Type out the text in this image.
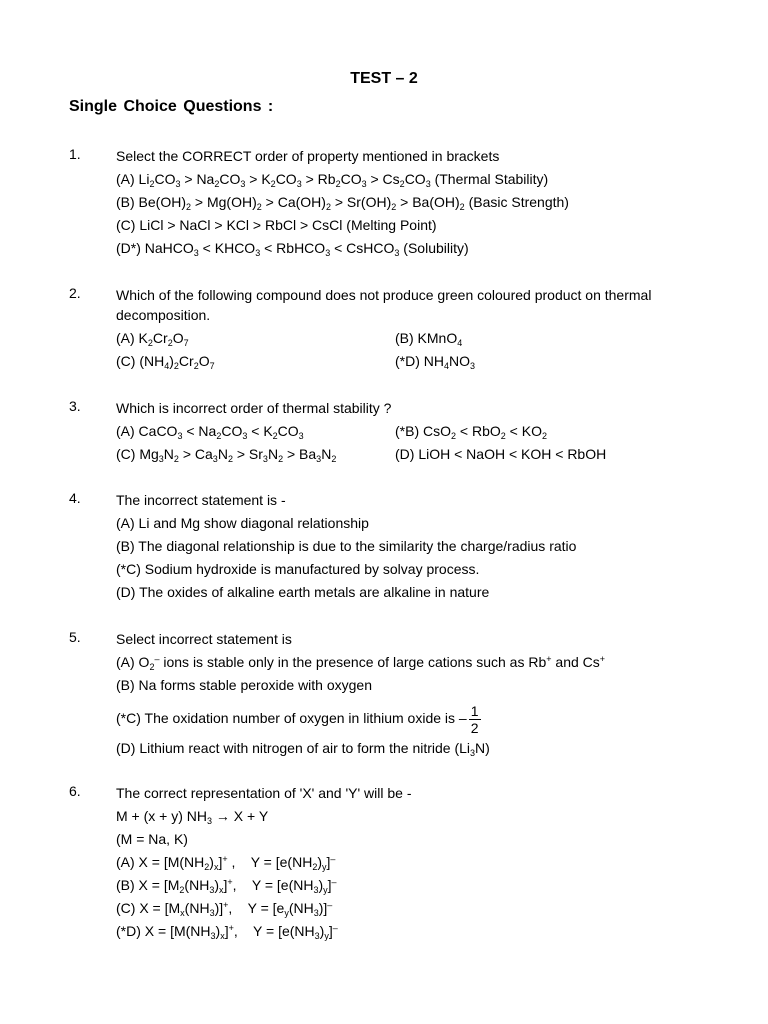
TEST – 2
Single Choice Questions :
1.	Select the CORRECT order of property mentioned in brackets
(A) $Li_2CO_3 > Na_2CO_3 > K_2CO_3 > Rb_2CO_3 > Cs_2CO_3$ (Thermal Stability)
(B) $Be(OH)_2 > Mg(OH)_2 > Ca(OH)_2 > Sr(OH)_2 > Ba(OH)_2$ (Basic Strength)
(C) LiCl > NaCl > KCl > RbCl > CsCl (Melting Point)
(D*) NaHCO$_3$ < $KHCO_3$ < RbHCO$_3$ < CsHCO$_3$ (Solubility)
2.	Which of the following compound does not produce green coloured product on thermal decomposition.
(A) $K_2Cr_2O_7$	(B) KMnO$_4$
(C) $(NH_4)_2Cr_2O_7$	(*D) $NH_4NO_3$
3.	Which is incorrect order of thermal stability ?
(A) CaCO$_3$ < $Na_2CO_3 < K_2CO_3$	(*B) $CsO_2 < RbO_2 < KO_2$
(C) $Mg_3N_2 > Ca_3N_2 > Sr_3N_2 > Ba_3N_2$	(D) LiOH < NaOH < KOH < RbOH
4.	The incorrect statement is -
(A) Li and Mg show diagonal relationship
(B) The diagonal relationship is due to the similarity the charge/radius ratio
(*C) Sodium hydroxide is manufactured by solvay process.
(D) The oxides of alkaline earth metals are alkaline in nature
5.	Select incorrect statement is
(A) $O_2^-$ ions is stable only in the presence of large cations such as Rb+ and Cs+
(B) Na forms stable peroxide with oxygen
(*C) The oxidation number of oxygen in lithium oxide is – $\frac{1}{2}$
(D) Lithium react with nitrogen of air to form the nitride $(Li_3N)$
6.	The correct representation of 'X' and 'Y' will be -
M + (x + y) $NH_3 \to X + Y$
(M = Na, K)
(A) $X = [M(NH_2)_x]^+$ ,    $Y = [e(NH_2)_y]^-$
(B) $X = [M_2(NH_3)_x]^+$,    $Y = [e(NH_3)_y]^-$
(C) $X = [M_x(NH_3)]^+$,    $Y = [e_y(NH_3)]^-$
(*D) $X = [M(NH_3)_x]^+$,    $Y = [e(NH_3)_y]^-$
